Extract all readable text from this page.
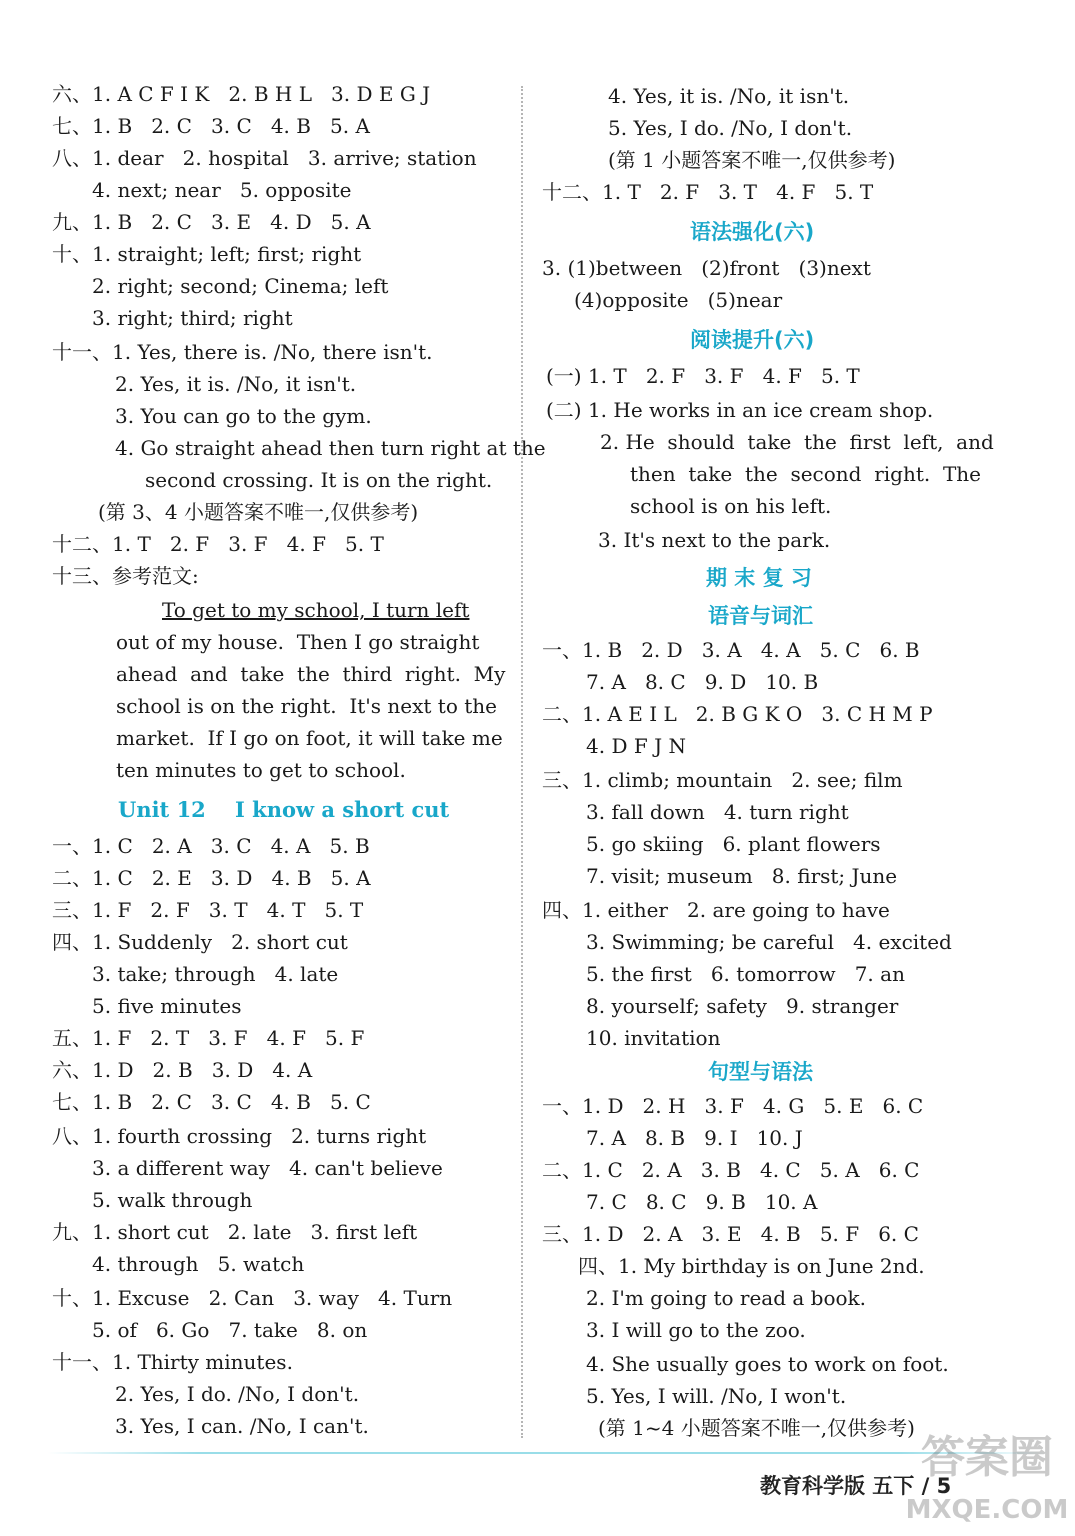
六、1. A C F I K   2. B H L   3. D E G J
七、1. B   2. C   3. C   4. B   5. A
八、1. dear   2. hospital   3. arrive; station
4. next; near   5. opposite
九、1. B   2. C   3. E   4. D   5. A
十、1. straight; left; first; right
2. right; second; Cinema; left
3. right; third; right
十一、1. Yes, there is. /No, there isn't.
2. Yes, it is. /No, it isn't.
3. You can go to the gym.
4. Go straight ahead then turn right at the
second crossing. It is on the right.
(第 3、4 小题答案不唯一,仅供参考)
十二、1. T   2. F   3. F   4. F   5. T
十三、参考范文:
To get to my school, I turn left
out of my house.  Then I go straight
ahead  and  take  the  third  right.  My
school is on the right.  It's next to the
market.  If I go on foot, it will take me
ten minutes to get to school.
Unit 12    I know a short cut
一、1. C   2. A   3. C   4. A   5. B
二、1. C   2. E   3. D   4. B   5. A
三、1. F   2. F   3. T   4. T   5. T
四、1. Suddenly   2. short cut
3. take; through   4. late
5. five minutes
五、1. F   2. T   3. F   4. F   5. F
六、1. D   2. B   3. D   4. A
七、1. B   2. C   3. C   4. B   5. C
八、1. fourth crossing   2. turns right
3. a different way   4. can't believe
5. walk through
九、1. short cut   2. late   3. first left
4. through   5. watch
十、1. Excuse   2. Can   3. way   4. Turn
5. of   6. Go   7. take   8. on
十一、1. Thirty minutes.
2. Yes, I do. /No, I don't.
3. Yes, I can. /No, I can't.
4. Yes, it is. /No, it isn't.
5. Yes, I do. /No, I don't.
(第 1 小题答案不唯一,仅供参考)
十二、1. T   2. F   3. T   4. F   5. T
语法强化(六)
3. (1)between   (2)front   (3)next
(4)opposite   (5)near
阅读提升(六)
(一) 1. T   2. F   3. F   4. F   5. T
(二) 1. He works in an ice cream shop.
2. He  should  take  the  first  left,  and
then  take  the  second  right.  The
school is on his left.
3. It's next to the park.
期 末 复 习
语音与词汇
一、1. B   2. D   3. A   4. A   5. C   6. B
7. A   8. C   9. D   10. B
二、1. A E I L   2. B G K O   3. C H M P
4. D F J N
三、1. climb; mountain   2. see; film
3. fall down   4. turn right
5. go skiing   6. plant flowers
7. visit; museum   8. first; June
四、1. either   2. are going to have
3. Swimming; be careful   4. excited
5. the first   6. tomorrow   7. an
8. yourself; safety   9. stranger
10. invitation
句型与语法
一、1. D   2. H   3. F   4. G   5. E   6. C
7. A   8. B   9. I   10. J
二、1. C   2. A   3. B   4. C   5. A   6. C
7. C   8. C   9. B   10. A
三、1. D   2. A   3. E   4. B   5. F   6. C
四、1. My birthday is on June 2nd.
2. I'm going to read a book.
3. I will go to the zoo.
4. She usually goes to work on foot.
5. Yes, I will. /No, I won't.
(第 1~4 小题答案不唯一,仅供参考)
教育科学版 五下 / 5
答案圈
MXQE.COM
